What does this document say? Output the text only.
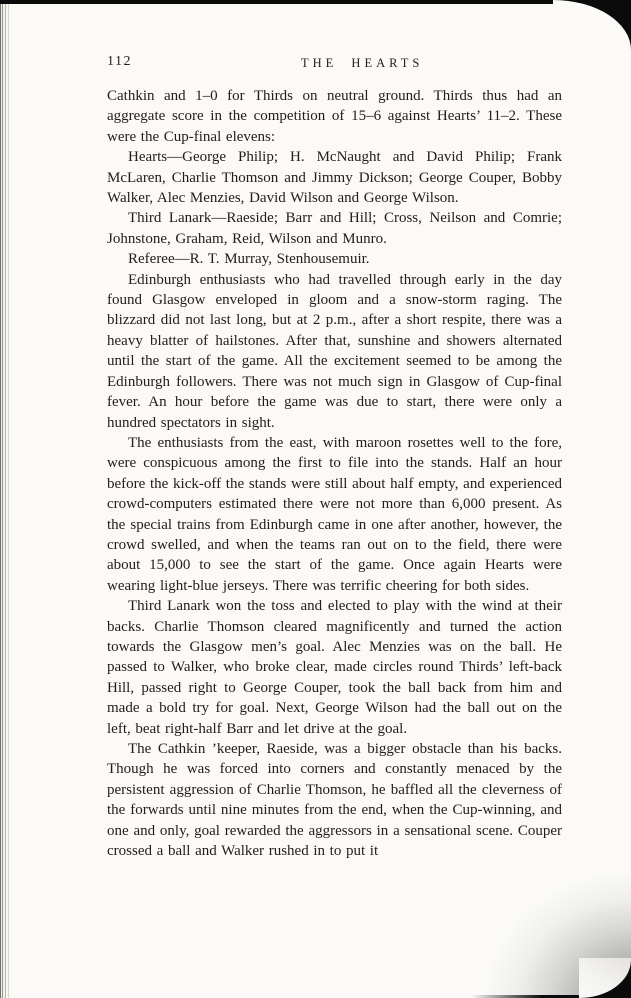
112	THE HEARTS

Cathkin and 1–0 for Thirds on neutral ground. Thirds thus had an aggregate score in the competition of 15–6 against Hearts’ 11–2. These were the Cup-final elevens:

Hearts—George Philip; H. McNaught and David Philip; Frank McLaren, Charlie Thomson and Jimmy Dickson; George Couper, Bobby Walker, Alec Menzies, David Wilson and George Wilson.

Third Lanark—Raeside; Barr and Hill; Cross, Neilson and Comrie; Johnstone, Graham, Reid, Wilson and Munro.

Referee—R. T. Murray, Stenhousemuir.

Edinburgh enthusiasts who had travelled through early in the day found Glasgow enveloped in gloom and a snow-storm raging. The blizzard did not last long, but at 2 p.m., after a short respite, there was a heavy blatter of hailstones. After that, sunshine and showers alternated until the start of the game. All the excitement seemed to be among the Edinburgh followers. There was not much sign in Glasgow of Cup-final fever. An hour before the game was due to start, there were only a hundred spectators in sight.

The enthusiasts from the east, with maroon rosettes well to the fore, were conspicuous among the first to file into the stands. Half an hour before the kick-off the stands were still about half empty, and experienced crowd-computers estimated there were not more than 6,000 present. As the special trains from Edinburgh came in one after another, however, the crowd swelled, and when the teams ran out on to the field, there were about 15,000 to see the start of the game. Once again Hearts were wearing light-blue jerseys. There was terrific cheering for both sides.

Third Lanark won the toss and elected to play with the wind at their backs. Charlie Thomson cleared magnificently and turned the action towards the Glasgow men’s goal. Alec Menzies was on the ball. He passed to Walker, who broke clear, made circles round Thirds’ left-back Hill, passed right to George Couper, took the ball back from him and made a bold try for goal. Next, George Wilson had the ball out on the left, beat right-half Barr and let drive at the goal.

The Cathkin ’keeper, Raeside, was a bigger obstacle than his backs. Though he was forced into corners and constantly menaced by the persistent aggression of Charlie Thomson, he baffled all the cleverness of the forwards until nine minutes from the end, when the Cup-winning, and one and only, goal rewarded the aggressors in a sensational scene. Couper crossed a ball and Walker rushed in to put it
